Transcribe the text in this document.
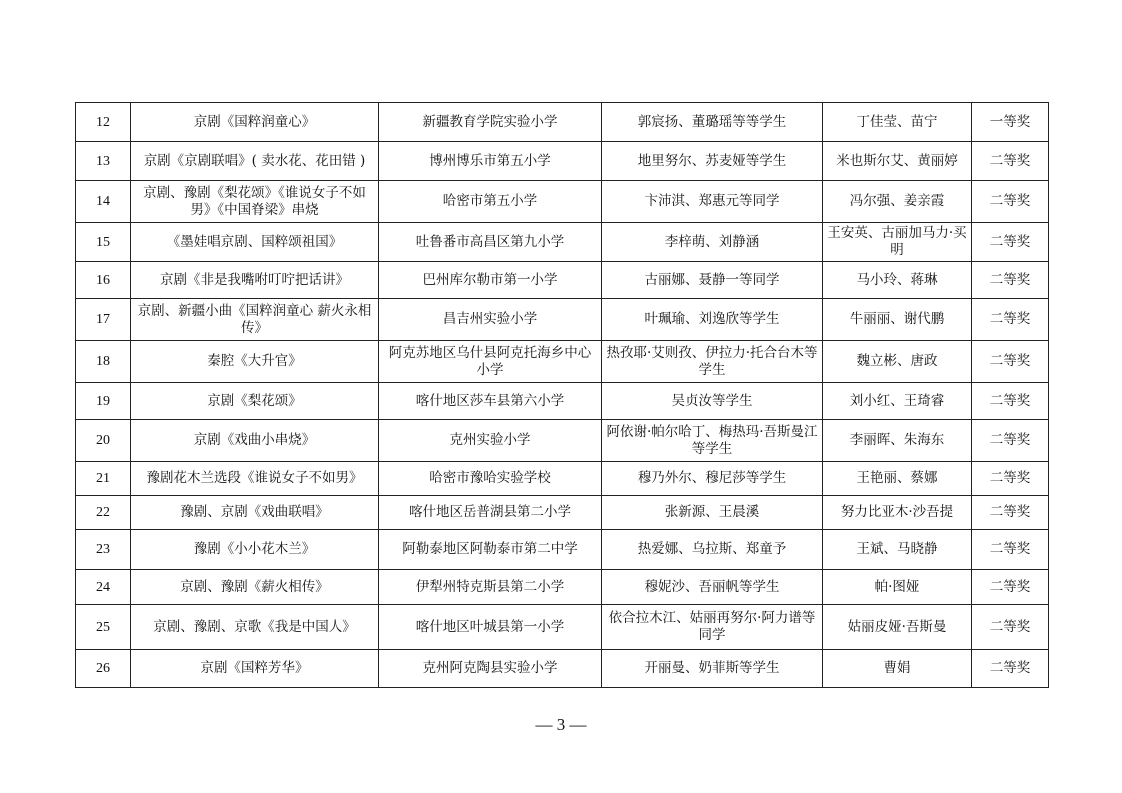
12	京剧《国粹润童心》	新疆教育学院实验小学	郭宸扬、董璐瑶等等学生	丁佳莹、苗宁	一等奖
13	京剧《京剧联唱》( 卖水花、花田错 )	博州博乐市第五小学	地里努尔、苏麦娅等学生	米也斯尔艾、黄丽婷	二等奖
14	京剧、豫剧《梨花颂》《谁说女子不如男》《中国脊梁》串烧	哈密市第五小学	卞沛淇、郑惠元等同学	冯尔强、姜亲霞	二等奖
15	《墨娃唱京剧、国粹颂祖国》	吐鲁番市高昌区第九小学	李梓萌、刘静涵	王安英、古丽加马力·买明	二等奖
16	京剧《非是我嘴咐叮咛把话讲》	巴州库尔勒市第一小学	古丽娜、聂静一等同学	马小玲、蒋琳	二等奖
17	京剧、新疆小曲《国粹润童心 薪火永相传》	昌吉州实验小学	叶珮瑜、刘逸欣等学生	牛丽丽、谢代鹏	二等奖
18	秦腔《大升官》	阿克苏地区乌什县阿克托海乡中心小学	热孜耶·艾则孜、伊拉力·托合台木等学生	魏立彬、唐政	二等奖
19	京剧《梨花颂》	喀什地区莎车县第六小学	吴贞汝等学生	刘小红、王琦睿	二等奖
20	京剧《戏曲小串烧》	克州实验小学	阿依谢·帕尔哈丁、梅热玛·吾斯曼江等学生	李丽晖、朱海东	二等奖
21	豫剧花木兰选段《谁说女子不如男》	哈密市豫哈实验学校	穆乃外尔、穆尼莎等学生	王艳丽、蔡娜	二等奖
22	豫剧、京剧《戏曲联唱》	喀什地区岳普湖县第二小学	张新源、王晨溪	努力比亚木·沙吾提	二等奖
23	豫剧《小小花木兰》	阿勒泰地区阿勒泰市第二中学	热爱娜、乌拉斯、郑童予	王斌、马晓静	二等奖
24	京剧、豫剧《薪火相传》	伊犁州特克斯县第二小学	穆妮沙、吾丽帆等学生	帕·图娅	二等奖
25	京剧、豫剧、京歌《我是中国人》	喀什地区叶城县第一小学	依合拉木江、姑丽再努尔·阿力谱等同学	姑丽皮娅·吾斯曼	二等奖
26	京剧《国粹芳华》	克州阿克陶县实验小学	开丽曼、奶菲斯等学生	曹娟	二等奖
— 3 —
